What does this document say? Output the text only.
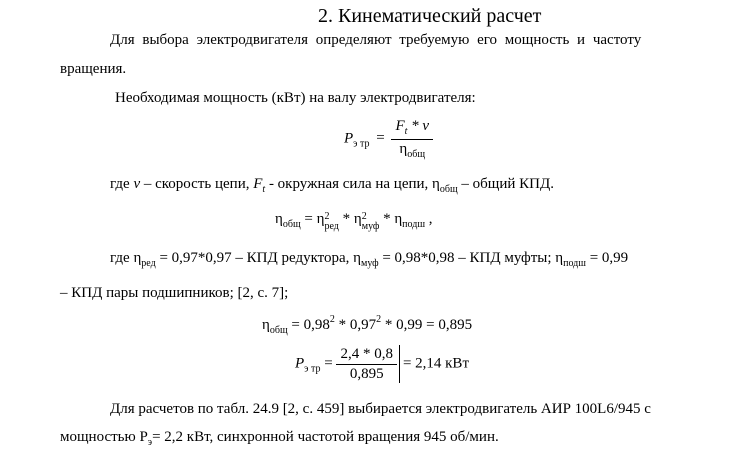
2. Кинематический расчет
Для выбора электродвигателя определяют требуемую его мощность и частоту
вращения.
Необходимая мощность (кВт) на валу электродвигателя:
$P_{э тр} = \frac{F_t * v}{\eta_{общ}}$
где v – скорость цепи, $F_t$ - окружная сила на цепи, $\eta_{общ}$ – общий КПД.
$\eta_{общ} = \eta$ 2
ред * η 2
муф * $\eta_{подш}$ ,
где $\eta_{ред} = 0,97*0,97$ – КПД редуктора, $\eta_{муф} = 0,98*0,98$ – КПД муфты; $\eta_{подш} = 0,99$
– КПД пары подшипников; [2, с. 7];
$\eta_{общ} = 0,98^2 * 0,97^2 * 0,99 = 0,895$
$P_{э тр} = \frac{2,4 * 0,8}{0,895} = 2,14$ кВт
Для расчетов по табл. 24.9 [2, с. 459] выбирается электродвигатель АИР 100L6/945 с
мощностью $Р_э= 2,2$ кВт, синхронной частотой вращения 945 об/мин.
